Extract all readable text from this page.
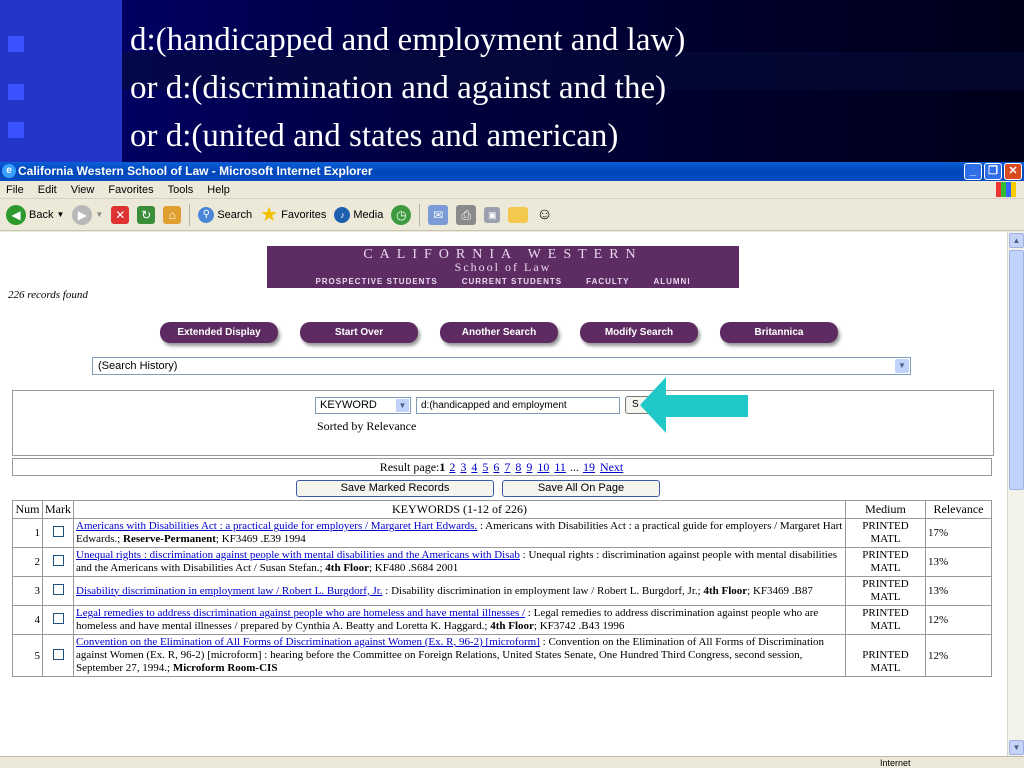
d:(handicapped and employment and law)
or d:(discrimination and against and the)
or d:(united and states and american)
e California Western School of Law - Microsoft Internet Explorer	_	❐ ✕
File Edit View Favorites Tools Help
◀ Back ▼	▶	▼ ✕	↻	⌂	⚲ Search ★ Favorites	♪ Media	◷	✉	⎙	▣ ☺
CALIFORNIA WESTERN
School of Law
PROSPECTIVE STUDENTS	CURRENT STUDENTS	FACULTY	ALUMNI
226 records found
Extended Display	Start Over	Another Search	Modify Search	Britannica
(Search History)	▼
KEYWORD	▼	d:(handicapped and employment	S
Sorted by Relevance
Result page:1 2 3 4 5 6 7 8 9 10 11 ... 19 Next
Save Marked Records	Save All On Page
Num	Mark	KEYWORDS (1-12 of 226)	Medium	Relevance
1		Americans with Disabilities Act : a practical guide for employers / Margaret Hart Edwards. : Americans with Disabilities Act : a practical guide for employers / Margaret Hart Edwards.; Reserve-Permanent; KF3469 .E39 1994	PRINTED MATL	17%
2		Unequal rights : discrimination against people with mental disabilities and the Americans with Disab : Unequal rights : discrimination against people with mental disabilities and the Americans with Disabilities Act / Susan Stefan.; 4th Floor; KF480 .S684 2001	PRINTED MATL	13%
3		Disability discrimination in employment law / Robert L. Burgdorf, Jr. : Disability discrimination in employment law / Robert L. Burgdorf, Jr.; 4th Floor; KF3469 .B87	PRINTED MATL	13%
4		Legal remedies to address discrimination against people who are homeless and have mental illnesses / : Legal remedies to address discrimination against people who are homeless and have mental illnesses / prepared by Cynthia A. Beatty and Loretta K. Haggard.; 4th Floor; KF3742 .B43 1996	PRINTED MATL	12%
5		Convention on the Elimination of All Forms of Discrimination against Women (Ex. R, 96-2) [microform] : Convention on the Elimination of All Forms of Discrimination against Women (Ex. R, 96-2) [microform] : hearing before the Committee on Foreign Relations, United States Senate, One Hundred Third Congress, second session, September 27, 1994.; Microform Room-CIS	PRINTED MATL	12%
▲
▼
Internet
